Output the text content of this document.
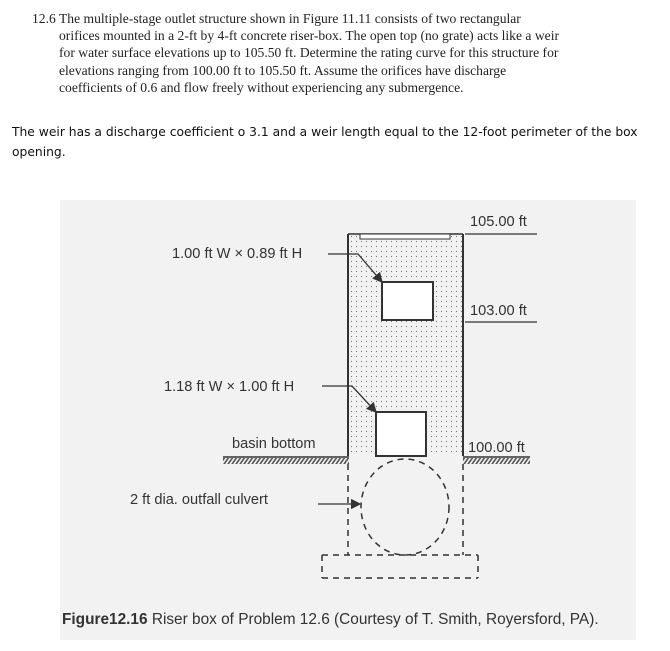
12.6 The multiple-stage outlet structure shown in Figure 11.11 consists of two rectangular orifices mounted in a 2-ft by 4-ft concrete riser-box. The open top (no grate) acts like a weir for water surface elevations up to 105.50 ft. Determine the rating curve for this structure for elevations ranging from 100.00 ft to 105.50 ft. Assume the orifices have discharge coefficients of 0.6 and flow freely without experiencing any submergence.
The weir has a discharge coefficient o 3.1 and a weir length equal to the 12-foot perimeter of the box opening.
1.00 ft W × 0.89 ft H
1.18 ft W × 1.00 ft H
basin bottom
2 ft dia. outfall culvert
105.00 ft
103.00 ft
100.00 ft
Figure12.16 Riser box of Problem 12.6 (Courtesy of T. Smith, Royersford, PA).
